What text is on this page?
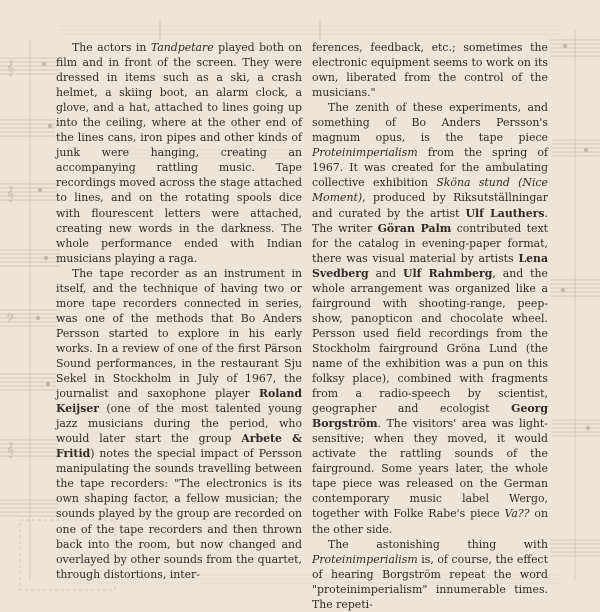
𝄞
𝄞
𝄢
𝄞

The actors in Tandpetare played both on film and in front of the screen. They were dressed in items such as a ski, a crash helmet, a skiing boot, an alarm clock, a glove, and a hat, attached to lines going up into the ceiling, where at the other end of the lines cans, iron pipes and other kinds of junk were hanging, creating an accompanying rattling music. Tape recordings moved across the stage attached to lines, and on the rotating spools dice with flourescent letters were attached, creating new words in the darkness. The whole performance ended with Indian musicians playing a raga.

The tape recorder as an instrument in itself, and the technique of having two or more tape recorders connected in series, was one of the methods that Bo Anders Persson started to explore in his early works. In a review of one of the first Pärson Sound performances, in the restaurant Sju Sekel in Stockholm in July of 1967, the journalist and saxophone player Roland Keijser (one of the most talented young jazz musicians during the period, who would later start the group Arbete & Fritid) notes the special impact of Persson manipulating the sounds travelling between the tape recorders: "The electronics is its own shaping factor, a fellow musician; the sounds played by the group are recorded on one of the tape recorders and then thrown back into the room, but now changed and overlayed by other sounds from the quartet, through distortions, inter-

ferences, feedback, etc.; sometimes the electronic equipment seems to work on its own, liberated from the control of the musicians."

The zenith of these experiments, and something of Bo Anders Persson's magnum opus, is the tape piece Proteinimperialism from the spring of 1967. It was created for the ambulating collective exhibition Sköna stund (Nice Moment), produced by Riksutställningar and curated by the artist Ulf Lauthers. The writer Göran Palm contributed text for the catalog in evening-paper format, there was visual material by artists Lena Svedberg and Ulf Rahmberg, and the whole arrangement was organized like a fairground with shooting-range, peep-show, panopticon and chocolate wheel. Persson used field recordings from the Stockholm fairground Gröna Lund (the name of the exhibition was a pun on this folksy place), combined with fragments from a radio-speech by scientist, geographer and ecologist Georg Borgström. The visitors' area was light-sensitive; when they moved, it would activate the rattling sounds of the fairground. Some years later, the whole tape piece was released on the German contemporary music label Wergo, together with Folke Rabe's piece Va?? on the other side.

The astonishing thing with Proteinimperialism is, of course, the effect of hearing Borgström repeat the word "proteinimperialism" innumerable times. The repeti-
